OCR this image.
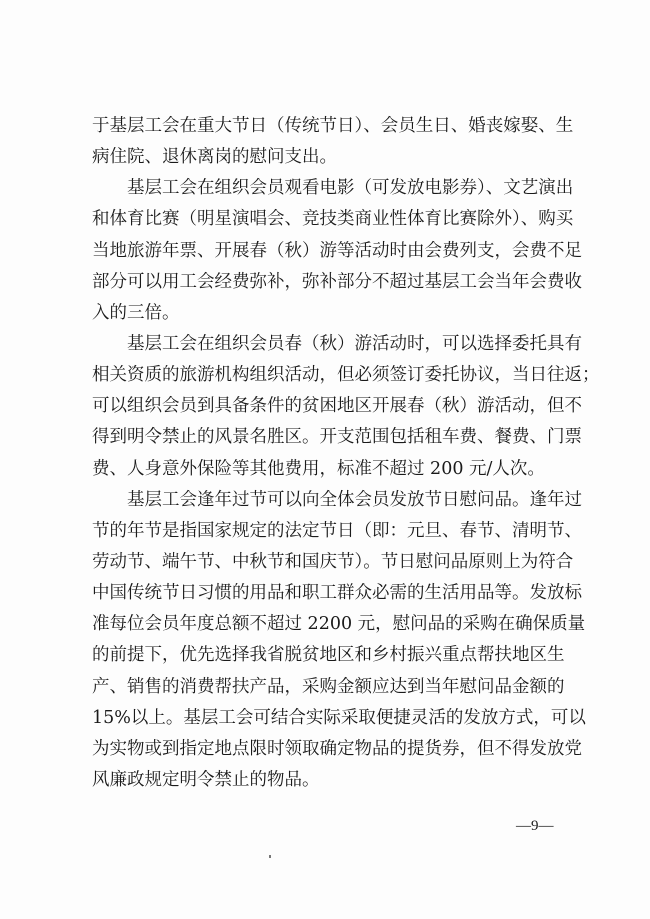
于基层工会在重大节日（传统节日）、会员生日、婚丧嫁娶、生
病住院、退休离岗的慰问支出。
基层工会在组织会员观看电影（可发放电影券）、文艺演出
和体育比赛（明星演唱会、竞技类商业性体育比赛除外）、购买
当地旅游年票、开展春（秋）游等活动时由会费列支，会费不足
部分可以用工会经费弥补，弥补部分不超过基层工会当年会费收
入的三倍。
基层工会在组织会员春（秋）游活动时，可以选择委托具有
相关资质的旅游机构组织活动，但必须签订委托协议，当日往返；
可以组织会员到具备条件的贫困地区开展春（秋）游活动，但不
得到明令禁止的风景名胜区。开支范围包括租车费、餐费、门票
费、人身意外保险等其他费用，标准不超过 200 元/人次。
基层工会逢年过节可以向全体会员发放节日慰问品。逢年过
节的年节是指国家规定的法定节日（即：元旦、春节、清明节、
劳动节、端午节、中秋节和国庆节）。节日慰问品原则上为符合
中国传统节日习惯的用品和职工群众必需的生活用品等。发放标
准每位会员年度总额不超过 2200 元，慰问品的采购在确保质量
的前提下，优先选择我省脱贫地区和乡村振兴重点帮扶地区生
产、销售的消费帮扶产品，采购金额应达到当年慰问品金额的
15%以上。基层工会可结合实际采取便捷灵活的发放方式，可以
为实物或到指定地点限时领取确定物品的提货券，但不得发放党
风廉政规定明令禁止的物品。
—9—
